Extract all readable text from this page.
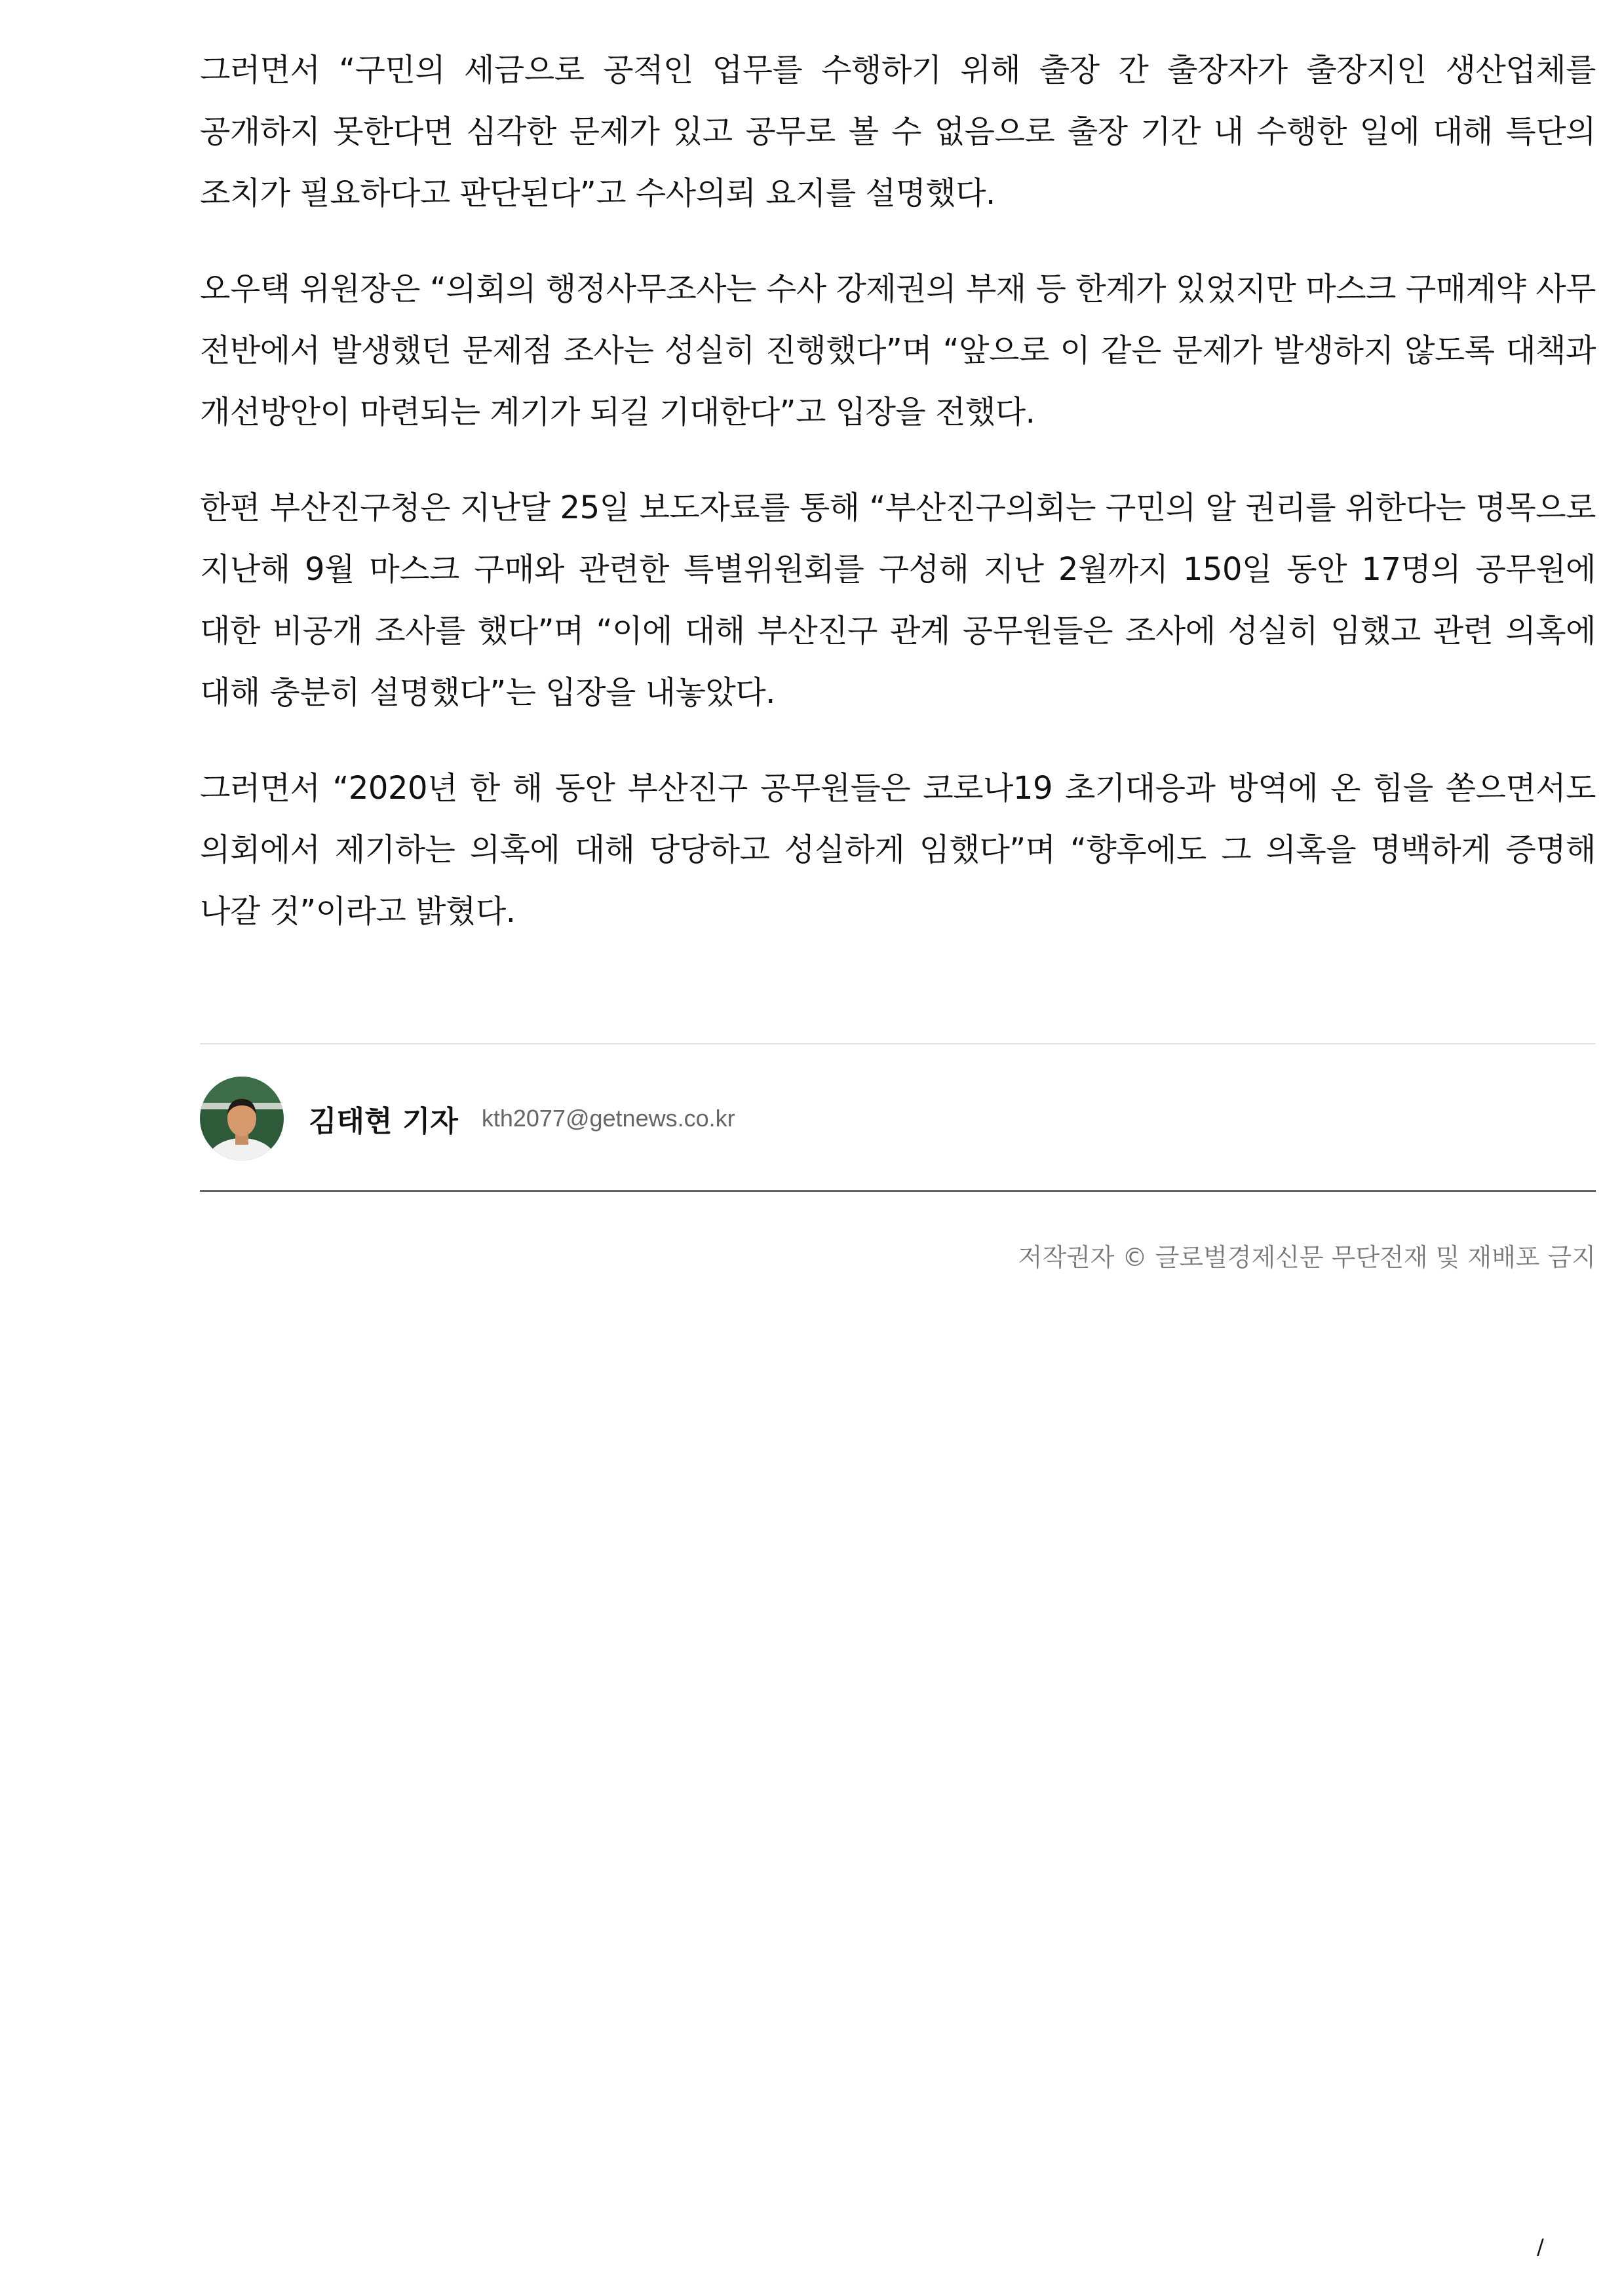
그러면서 “구민의 세금으로 공적인 업무를 수행하기 위해 출장 간 출장자가 출장지인 생산업체를 공개하지 못한다면 심각한 문제가 있고 공무로 볼 수 없음으로 출장 기간 내 수행한 일에 대해 특단의 조치가 필요하다고 판단된다”고 수사의뢰 요지를 설명했다.

오우택 위원장은 “의회의 행정사무조사는 수사 강제권의 부재 등 한계가 있었지만 마스크 구매계약 사무 전반에서 발생했던 문제점 조사는 성실히 진행했다”며 “앞으로 이 같은 문제가 발생하지 않도록 대책과 개선방안이 마련되는 계기가 되길 기대한다”고 입장을 전했다.

한편 부산진구청은 지난달 25일 보도자료를 통해 “부산진구의회는 구민의 알 권리를 위한다는 명목으로 지난해 9월 마스크 구매와 관련한 특별위원회를 구성해 지난 2월까지 150일 동안 17명의 공무원에 대한 비공개 조사를 했다”며 “이에 대해 부산진구 관계 공무원들은 조사에 성실히 임했고 관련 의혹에 대해 충분히 설명했다”는 입장을 내놓았다.

그러면서 “2020년 한 해 동안 부산진구 공무원들은 코로나19 초기대응과 방역에 온 힘을 쏟으면서도 의회에서 제기하는 의혹에 대해 당당하고 성실하게 임했다”며 “향후에도 그 의혹을 명백하게 증명해 나갈 것”이라고 밝혔다.

김태현 기자 kth2077@getnews.co.kr
저작권자 © 글로벌경제신문 무단전재 및 재배포 금지
/
